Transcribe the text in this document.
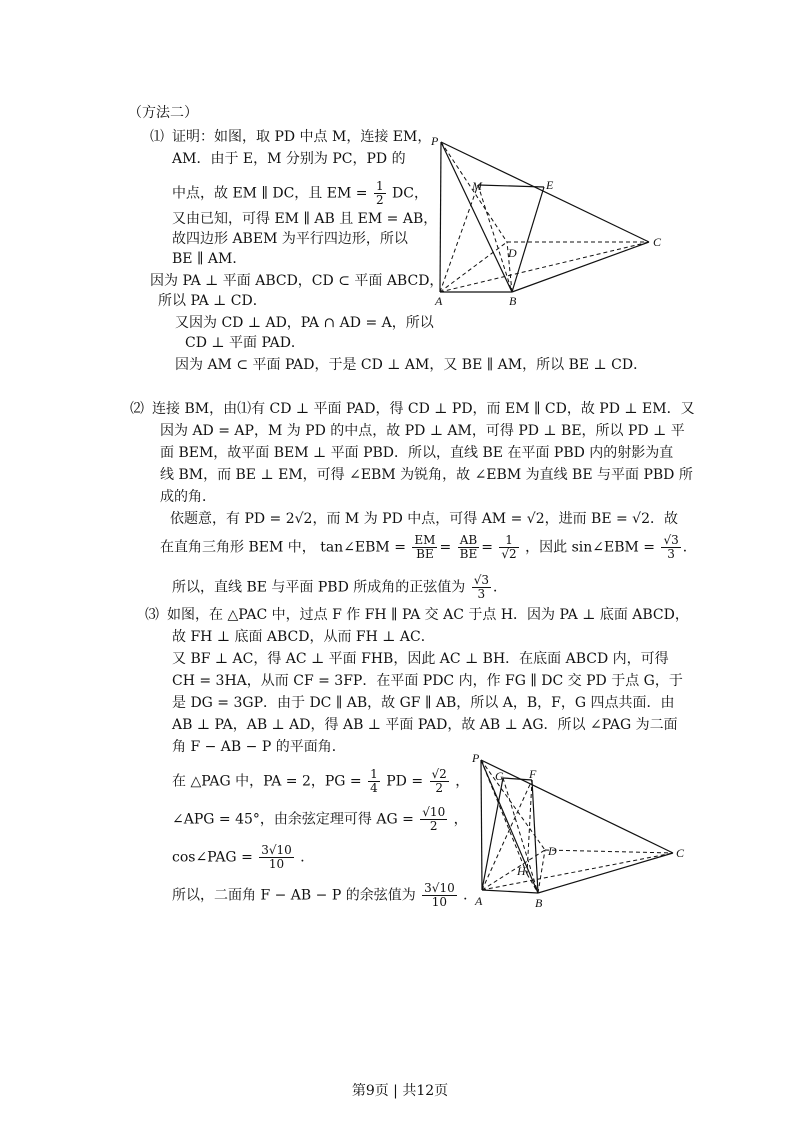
（方法二）
⑴ 证明：如图，取 PD 中点 M，连接 EM，
AM．由于 E，M 分别为 PC，PD 的
中点，故 EM ∥ DC，且 EM = $\frac{1}{2}$ DC，
又由已知，可得 EM ∥ AB 且 EM = AB，
故四边形 ABEM 为平行四边形，所以
BE ∥ AM．
因为 PA ⊥ 平面 ABCD，CD ⊂ 平面 ABCD，
所以 PA ⊥ CD．
又因为 CD ⊥ AD，PA ∩ AD = A，所以
CD ⊥ 平面 PAD．
因为 AM ⊂ 平面 PAD，于是 CD ⊥ AM，又 BE ∥ AM，所以 BE ⊥ CD．
P
M	E
D
C
A	B
⑵ 连接 BM，由⑴有 CD ⊥ 平面 PAD，得 CD ⊥ PD，而 EM ∥ CD，故 PD ⊥ EM．又
因为 AD = AP，M 为 PD 的中点，故 PD ⊥ AM，可得 PD ⊥ BE，所以 PD ⊥ 平
面 BEM，故平面 BEM ⊥ 平面 PBD．所以，直线 BE 在平面 PBD 内的射影为直
线 BM，而 BE ⊥ EM，可得 ∠EBM 为锐角，故 ∠EBM 为直线 BE 与平面 PBD 所
成的角．
依题意，有 PD = 2√2，而 M 为 PD 中点，可得 AM = √2，进而 BE = √2．故
在直角三角形 BEM 中， tan∠EBM = $\frac{EM}{BE} = \frac{AB}{BE} = \frac{1}{√2}$ ，因此 sin∠EBM = $\frac{√3}{3}$ ．
所以，直线 BE 与平面 PBD 所成角的正弦值为 $\frac{√3}{3}$ ．
⑶ 如图，在 △PAC 中，过点 F 作 FH ∥ PA 交 AC 于点 H．因为 PA ⊥ 底面 ABCD，
故 FH ⊥ 底面 ABCD，从而 FH ⊥ AC．
又 BF ⊥ AC，得 AC ⊥ 平面 FHB，因此 AC ⊥ BH．在底面 ABCD 内，可得
CH = 3HA，从而 CF = 3FP．在平面 PDC 内，作 FG ∥ DC 交 PD 于点 G，于
是 DG = 3GP．由于 DC ∥ AB，故 GF ∥ AB，所以 A，B，F，G 四点共面．由
AB ⊥ PA，AB ⊥ AD，得 AB ⊥ 平面 PAD，故 AB ⊥ AG．所以 ∠PAG 为二面
角 F − AB − P 的平面角．
在 △PAG 中，PA = 2，PG = $\frac{1}{4}$ PD = $\frac{√2}{2}$ ，
∠APG = 45°，由余弦定理可得 AG = $\frac{√10}{2}$ ，
cos∠PAG = $\frac{3√10}{10}$ ．
所以，二面角 F − AB − P 的余弦值为 $\frac{3√10}{10}$ ．
P
G F
D	C
H
A	B
第9页 | 共12页
